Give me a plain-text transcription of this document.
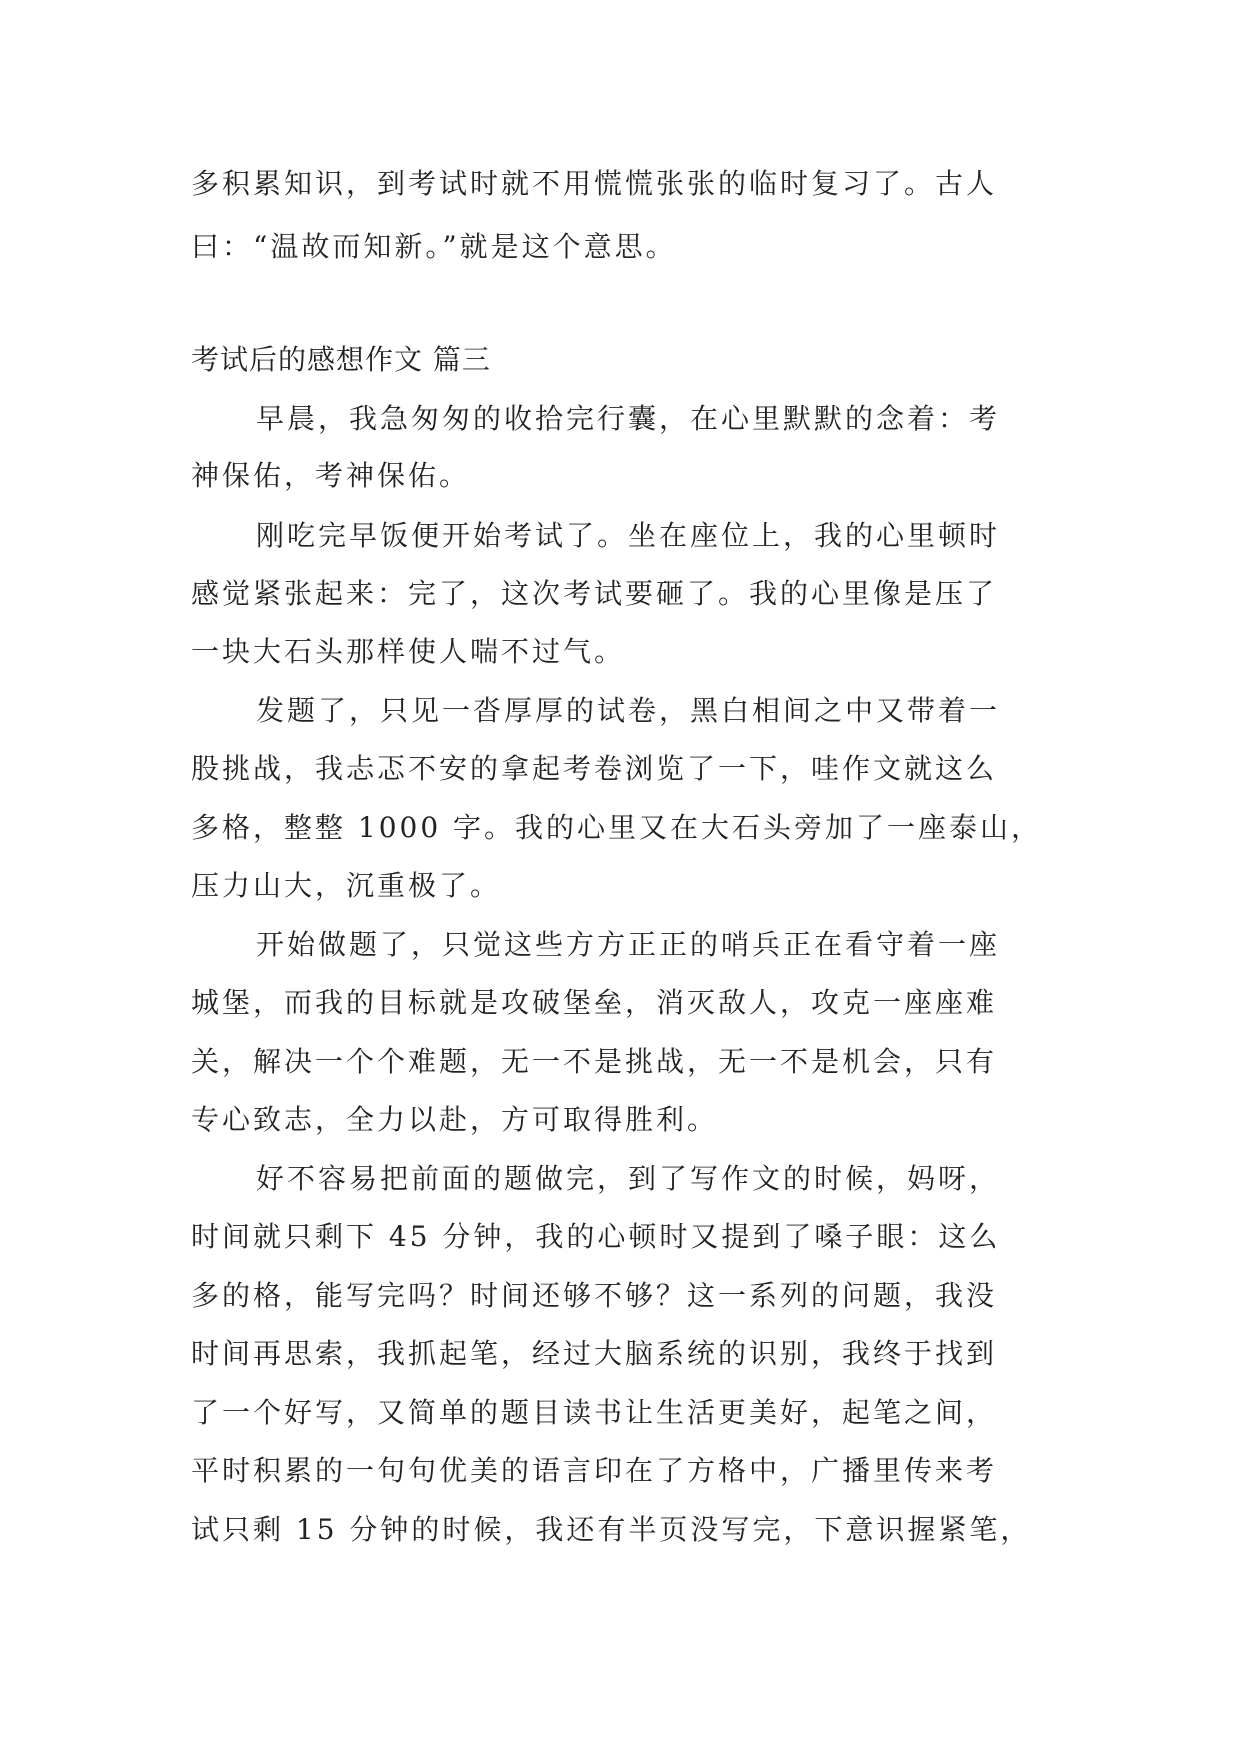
多积累知识，到考试时就不用慌慌张张的临时复习了。古人
曰：“温故而知新。”就是这个意思。
考试后的感想作文 篇三
早晨，我急匆匆的收拾完行囊，在心里默默的念着：考
神保佑，考神保佑。
刚吃完早饭便开始考试了。坐在座位上，我的心里顿时
感觉紧张起来：完了，这次考试要砸了。我的心里像是压了
一块大石头那样使人喘不过气。
发题了，只见一沓厚厚的试卷，黑白相间之中又带着一
股挑战，我忐忑不安的拿起考卷浏览了一下，哇作文就这么
多格，整整 1000 字。我的心里又在大石头旁加了一座泰山，
压力山大，沉重极了。
开始做题了，只觉这些方方正正的哨兵正在看守着一座
城堡，而我的目标就是攻破堡垒，消灭敌人，攻克一座座难
关，解决一个个难题，无一不是挑战，无一不是机会，只有
专心致志，全力以赴，方可取得胜利。
好不容易把前面的题做完，到了写作文的时候，妈呀，
时间就只剩下 45 分钟，我的心顿时又提到了嗓子眼：这么
多的格，能写完吗？时间还够不够？这一系列的问题，我没
时间再思索，我抓起笔，经过大脑系统的识别，我终于找到
了一个好写，又简单的题目读书让生活更美好，起笔之间，
平时积累的一句句优美的语言印在了方格中，广播里传来考
试只剩 15 分钟的时候，我还有半页没写完，下意识握紧笔，
